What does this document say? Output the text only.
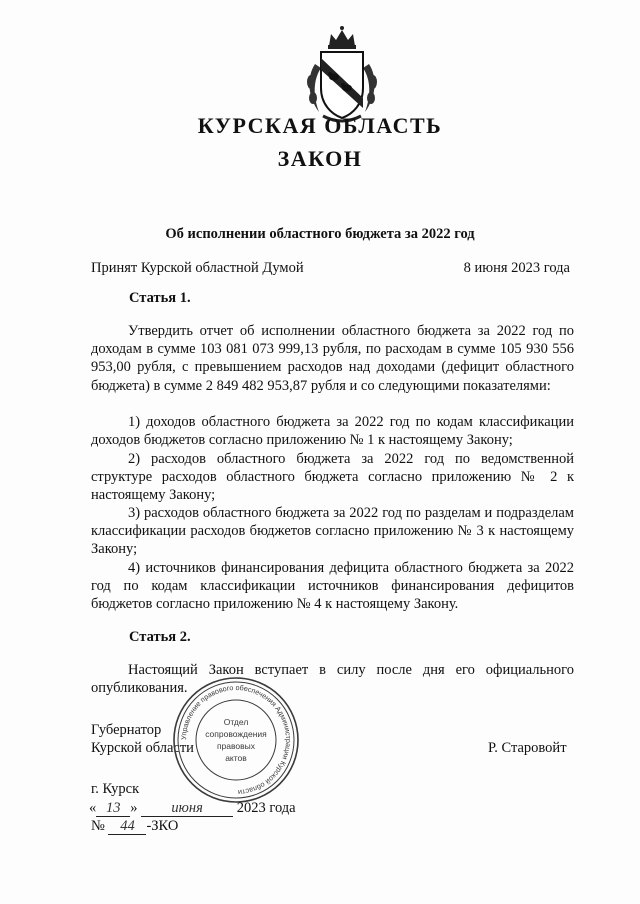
КУРСКАЯ ОБЛАСТЬ
ЗАКОН
Об исполнении областного бюджета за 2022 год
Принят Курской областной Думой	8 июня 2023 года
Статья 1.

Утвердить отчет об исполнении областного бюджета за 2022 год по доходам в сумме 103 081 073 999,13 рубля, по расходам в сумме 105 930 556 953,00 рубля, с превышением расходов над доходами (дефицит областного бюджета) в сумме 2 849 482 953,87 рубля и со следующими показателями:

1) доходов областного бюджета за 2022 год по кодам классификации доходов бюджетов согласно приложению № 1 к настоящему Закону;

2) расходов областного бюджета за 2022 год по ведомственной структуре расходов областного бюджета согласно приложению № 2 к настоящему Закону;

3) расходов областного бюджета за 2022 год по разделам и подразделам классификации расходов бюджетов согласно приложению № 3 к настоящему Закону;

4) источников финансирования дефицита областного бюджета за 2022 год по кодам классификации источников финансирования дефицитов бюджетов согласно приложению № 4 к настоящему Закону.

Статья 2.

Настоящий Закон вступает в силу после дня его официального опубликования.

Губернатор
Курской области	Р. Старовойт
Управление правового обеспечения Администрации Курской области
Отдел
сопровождения
правовых
актов
г. Курск
« 13 » июня 2023 года
№ 44 -ЗКО
